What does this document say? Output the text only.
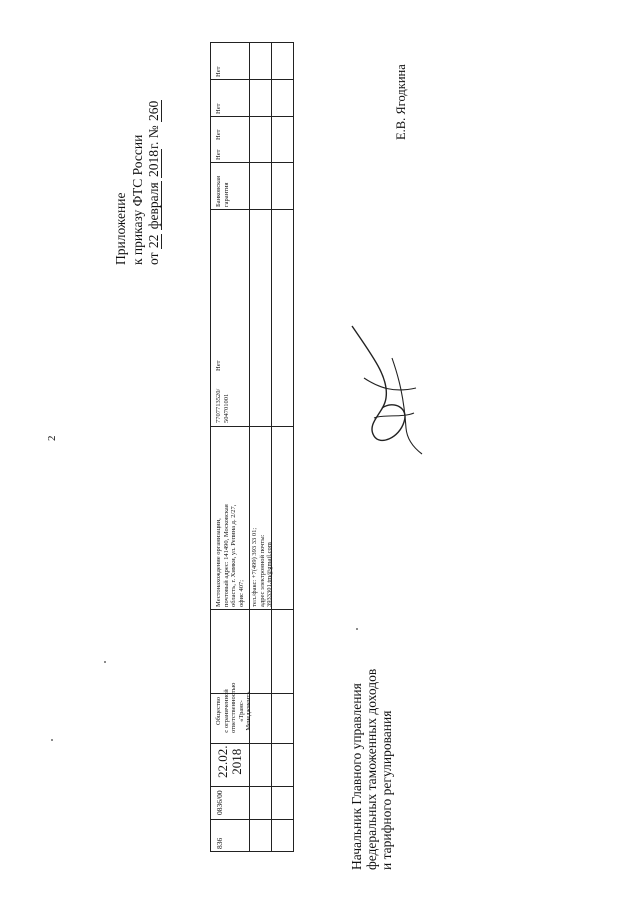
2
Приложение к приказу ФТС России от 22 февраля 2018г. № 260
836
0836/00
22.02. 2018
Общество с ограниченной ответственностью «Транс- Менеджмент»
Местонахождение организации, почтовый адрес: 141490, Московская область, г. Химки, ул. Репина д. 2/27, офис 407; тел./факс: +7(499) 393 33 01; адрес электронной почты: 3933301.tm@gmail.com
7707713520/ 504701001
Нет
Банковская гарантия
Нет
Нет
Нет
Нет
Начальник Главного управления федеральных таможенных доходов и тарифного регулирования
Е.В. Ягодкина
